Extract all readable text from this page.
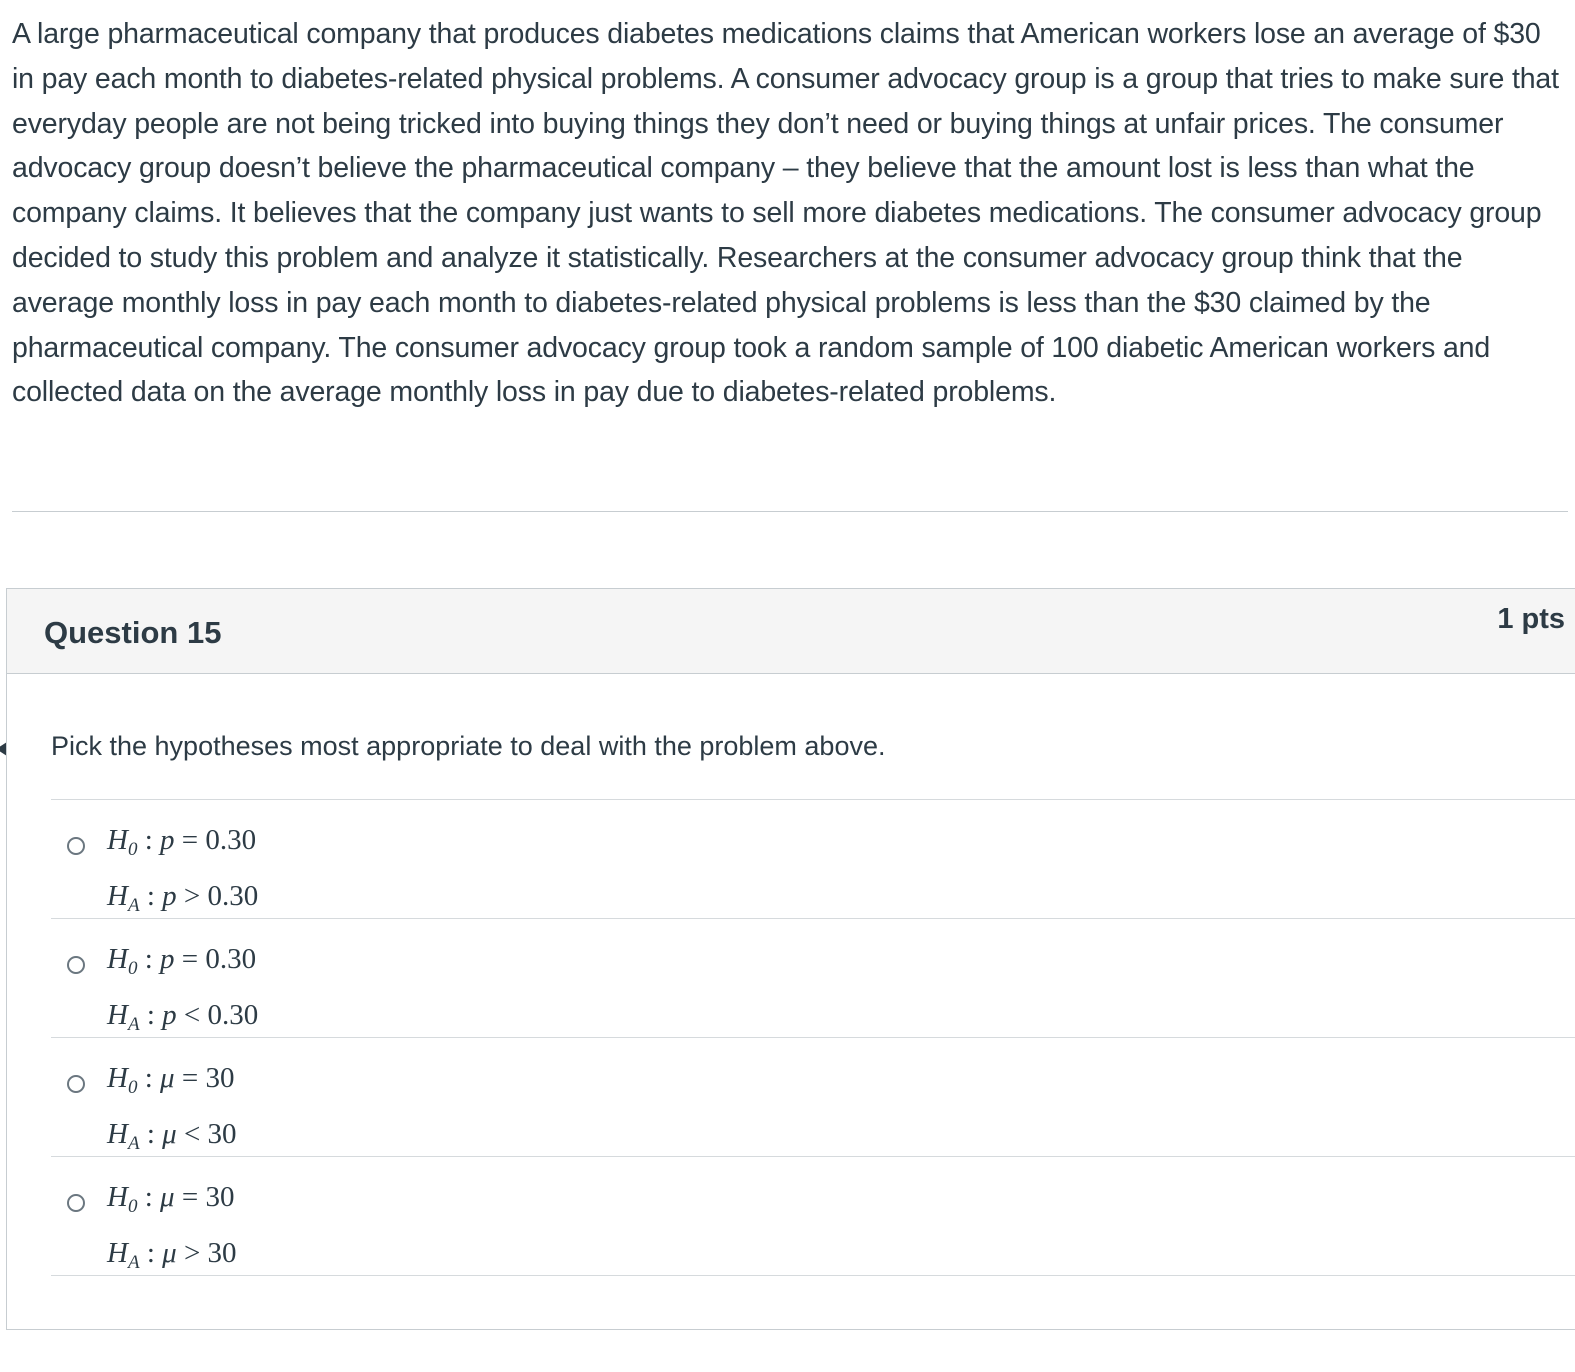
A large pharmaceutical company that produces diabetes medications claims that American workers lose an average of $30 in pay each month to diabetes-related physical problems. A consumer advocacy group is a group that tries to make sure that everyday people are not being tricked into buying things they don’t need or buying things at unfair prices. The consumer advocacy group doesn’t believe the pharmaceutical company – they believe that the amount lost is less than what the company claims. It believes that the company just wants to sell more diabetes medications. The consumer advocacy group decided to study this problem and analyze it statistically. Researchers at the consumer advocacy group think that the average monthly loss in pay each month to diabetes-related physical problems is less than the $30 claimed by the pharmaceutical company. The consumer advocacy group took a random sample of 100 diabetic American workers and collected data on the average monthly loss in pay due to diabetes-related problems.

Question 15	1 pts
Pick the hypotheses most appropriate to deal with the problem above.
$H_0$ : p = 0.30
$H_A$ : p > 0.30
$H_0$ : p = 0.30
$H_A$ : p < 0.30
$H_0$ : μ = 30
$H_A$ : μ < 30
$H_0$ : μ = 30
$H_A$ : μ > 30
